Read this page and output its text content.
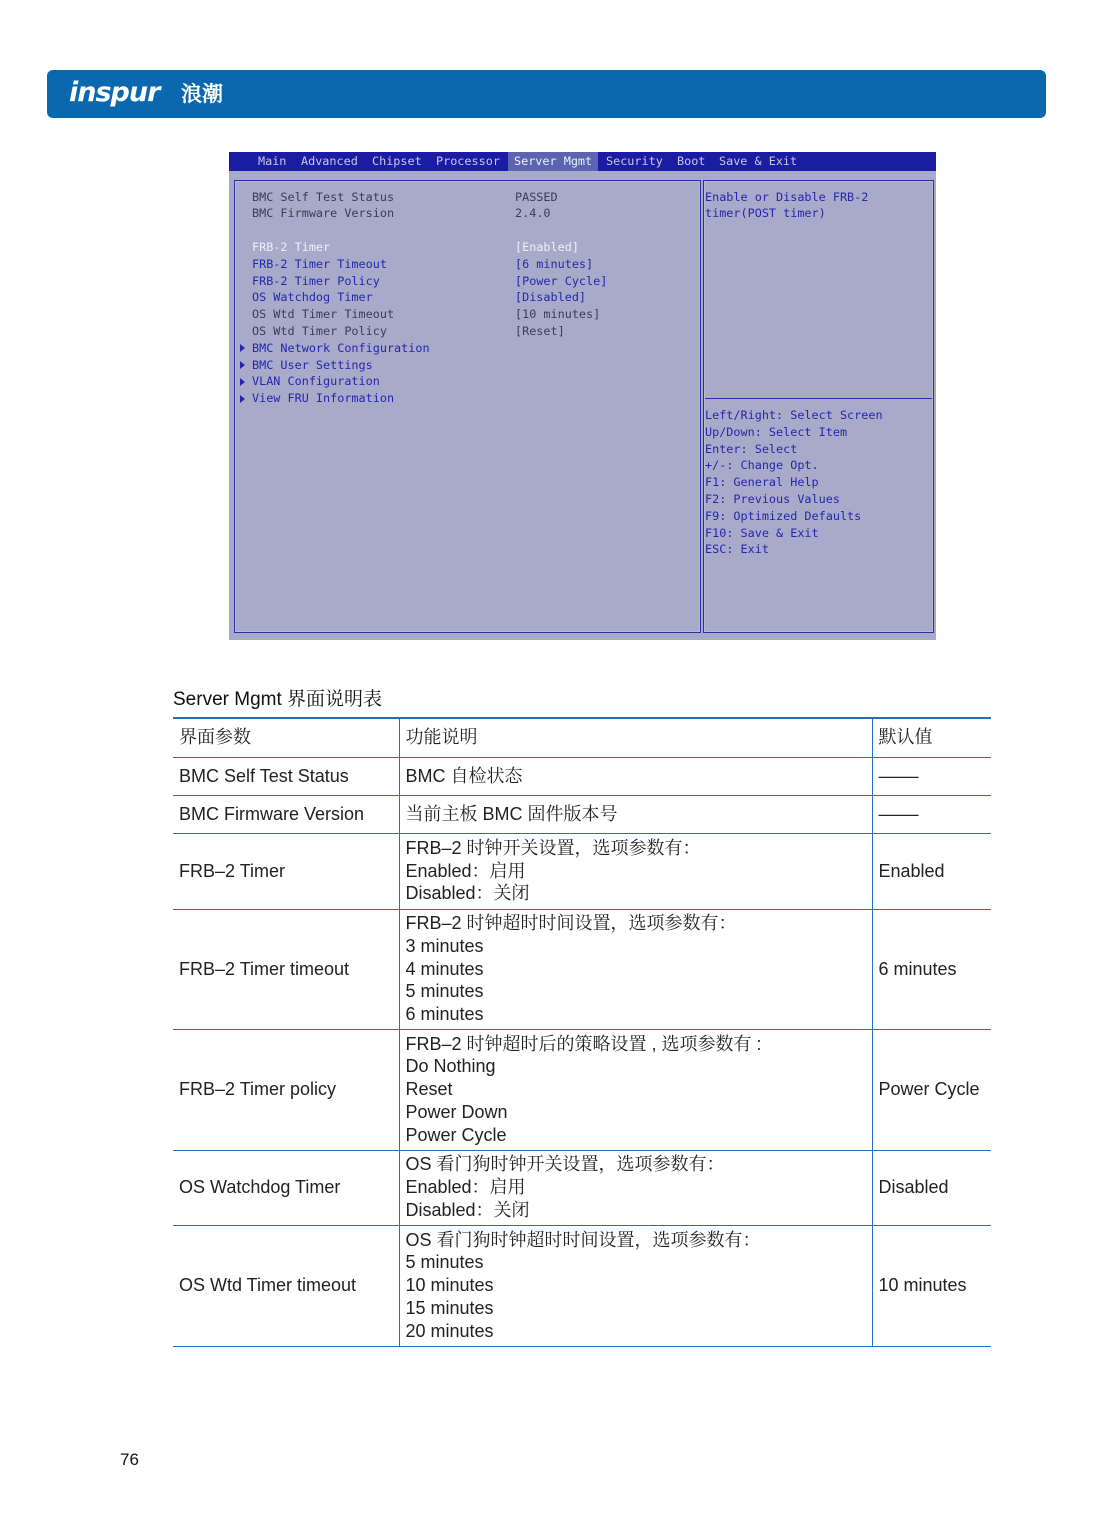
inspur 浪潮
Main Advanced Chipset Processor	Server Mgmt	Security Boot Save & Exit
BMC Self Test Status	PASSED
BMC Firmware Version	2.4.0
FRB-2 Timer	[Enabled]
FRB-2 Timer Timeout	[6 minutes]
FRB-2 Timer Policy	[Power Cycle]
OS Watchdog Timer	[Disabled]
OS Wtd Timer Timeout	[10 minutes]
OS Wtd Timer Policy	[Reset]
BMC Network Configuration
BMC User Settings
VLAN Configuration
View FRU Information
Enable or Disable FRB-2
timer(POST timer)
Left/Right: Select Screen
Up/Down: Select Item
Enter: Select
+/-: Change Opt.
F1: General Help
F2: Previous Values
F9: Optimized Defaults
F10: Save & Exit
ESC: Exit
Server Mgmt 界面说明表
界面参数	功能说明	默认值
BMC Self Test Status	BMC 自检状态	––––
BMC Firmware Version	当前主板 BMC 固件版本号	––––
FRB–2 Timer	FRB–2 时钟开关设置，选项参数有：
Enabled：启用
Disabled：关闭	Enabled
FRB–2 Timer timeout	FRB–2 时钟超时时间设置，选项参数有：
3 minutes
4 minutes
5 minutes
6 minutes	6 minutes
FRB–2 Timer policy	FRB–2 时钟超时后的策略设置 , 选项参数有 :
Do Nothing
Reset
Power Down
Power Cycle	Power Cycle
OS Watchdog Timer	OS 看门狗时钟开关设置，选项参数有：
Enabled：启用
Disabled：关闭	Disabled
OS Wtd Timer timeout	OS 看门狗时钟超时时间设置，选项参数有：
5 minutes
10 minutes
15 minutes
20 minutes	10 minutes
76
